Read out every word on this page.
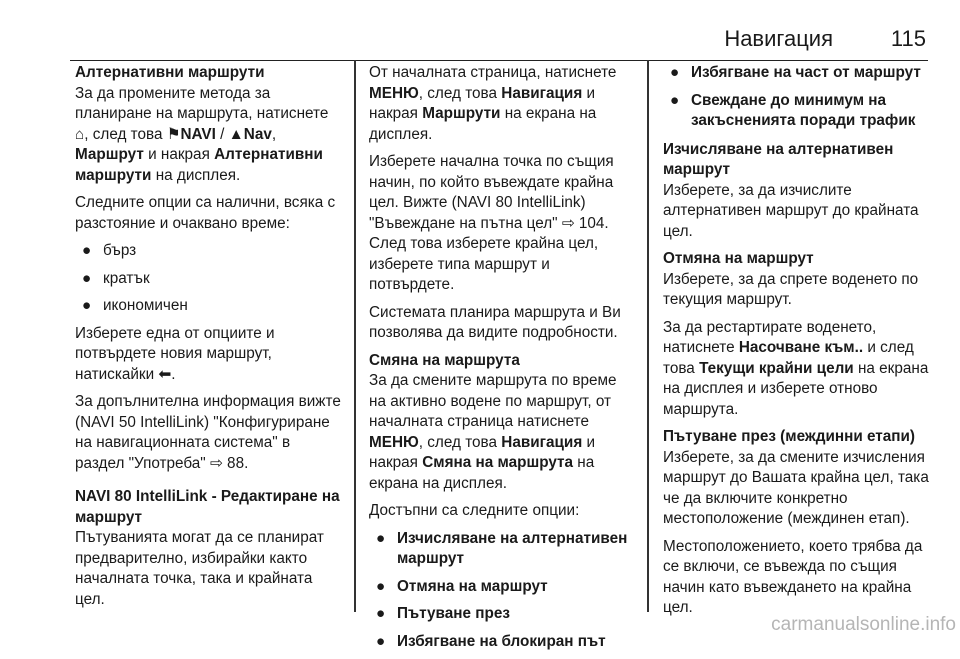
Навигация	115
Алтернативни маршрути

За да промените метода за планиране на маршрута, натиснете ⌂, след това ⚑NAVI / ▲Nav, Маршрут и накрая Алтернативни маршрути на дисплея.

Следните опции са налични, всяка с разстояние и очаквано време:

● бърз
● кратък
● икономичен

Изберете една от опциите и потвърдете новия маршрут, натискайки ⬅.

За допълнителна информация вижте (NAVI 50 IntelliLink) "Конфигуриране на навигационната система" в раздел "Употреба" ⇨ 88.

NAVI 80 IntelliLink - Редактиране на маршрут

Пътуванията могат да се планират предварително, избирайки както началната точка, така и крайната цел.

От началната страница, натиснете МЕНЮ, след това Навигация и накрая Маршрути на екрана на дисплея.

Изберете начална точка по същия начин, по който въвеждате крайна цел. Вижте (NAVI 80 IntelliLink) "Въвеждане на пътна цел" ⇨ 104. След това изберете крайна цел, изберете типа маршрут и потвърдете.

Системата планира маршрута и Ви позволява да видите подробности.

Смяна на маршрута

За да смените маршрута по време на активно водене по маршрут, от началната страница натиснете МЕНЮ, след това Навигация и накрая Смяна на маршрута на екрана на дисплея.

Достъпни са следните опции:

● Изчисляване на алтернативен маршрут
● Отмяна на маршрут
● Пътуване през
● Избягване на блокиран път
● Избягване на част от маршрут
● Свеждане до минимум на закъсненията поради трафик
Изчисляване на алтернативен маршрут

Изберете, за да изчислите алтернативен маршрут до крайната цел.

Отмяна на маршрут

Изберете, за да спрете воденето по текущия маршрут.

За да рестартирате воденето, натиснете Насочване към.. и след това Текущи крайни цели на екрана на дисплея и изберете отново маршрута.

Пътуване през (междинни етапи)

Изберете, за да смените изчисления маршрут до Вашата крайна цел, така че да включите конкретно местоположение (междинен етап).

Местоположението, което трябва да се включи, се въвежда по същия начин като въвеждането на крайна цел.

carmanualsonline.info
